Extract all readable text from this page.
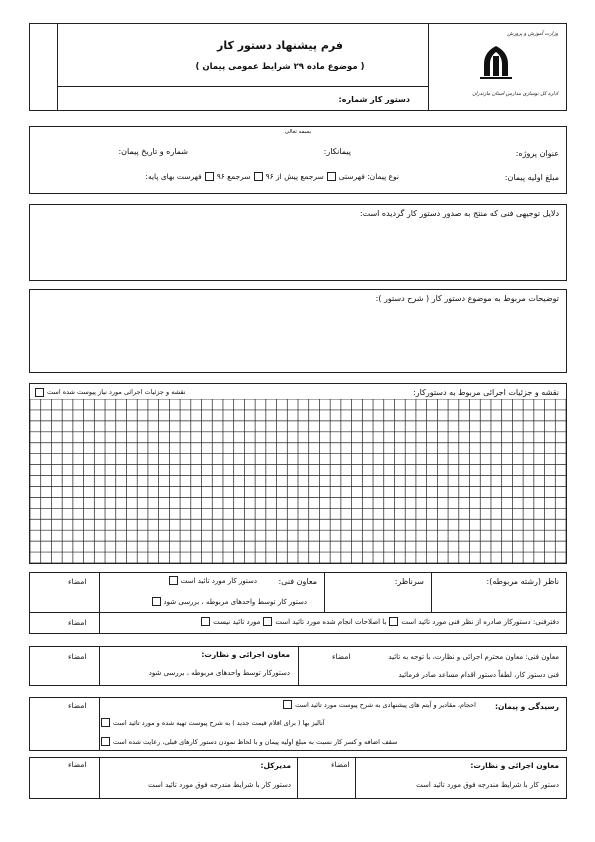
فرم پیشنهاد دستور کار
( موضوع ماده ۲۹ شرایط عمومی پیمان )
دستور کار شماره:
وزارت آموزش و پرورش
اداره کل نوسازی مدارس استان مازندران
بسمه تعالی
عنوان پروژه:
پیمانکار:
شماره و تاریخ پیمان:
مبلغ اولیه پیمان:
نوع پیمان: فهرستی
سرجمع پیش از ۹۶
سرجمع ۹۶
فهرست بهای پایه:
دلایل توجیهی فنی که منتج به صدور دستور کار گردیده است:
توضیحات مربوط به موضوع دستور کار ( شرح دستور ):
نقشه و جزئیات اجرائی مربوط به دستورکار:
نقشه و جزئیات اجرائی مورد نیاز پیوست شده است
ناظر (رشته مربوطه):
سرناظر:
معاون فنی:
دستور کار مورد تائید است
دستور کار توسط واحدهای مربوطه ، بررسی شود
امضاء
دفترفنی: دستورکار صادره از نظر فنی مورد تائید است
با اصلاحات انجام شده مورد تائید است
مورد تائید نیست
امضاء
معاون فنی: معاون محترم اجرائی و نظارت، با توجه به تائید
فنی دستور کار، لطفاً دستور اقدام مساعد صادر فرمائید
امضاء
معاون اجرائی و نظارت:
دستورکار توسط واحدهای مربوطه ، بررسی شود
امضاء
رسیدگی و پیمان:
احجام، مقادیر و آیتم های پیشنهادی به شرح پیوست مورد تائید است
آنالیز بها ( برای اقلام قیمت جدید ) به شرح پیوست تهیه شده و مورد تائید است
سقف اضافه و کسر کار نسبت به مبلغ اولیه پیمان و با لحاظ نمودن دستور کارهای قبلی، رعایت شده است
امضاء
معاون اجرائی و نظارت:
دستور کار با شرایط مندرجه فوق مورد تائید است
امضاء
مدیرکل:
دستور کار با شرایط مندرجه فوق مورد تائید است
امضاء
